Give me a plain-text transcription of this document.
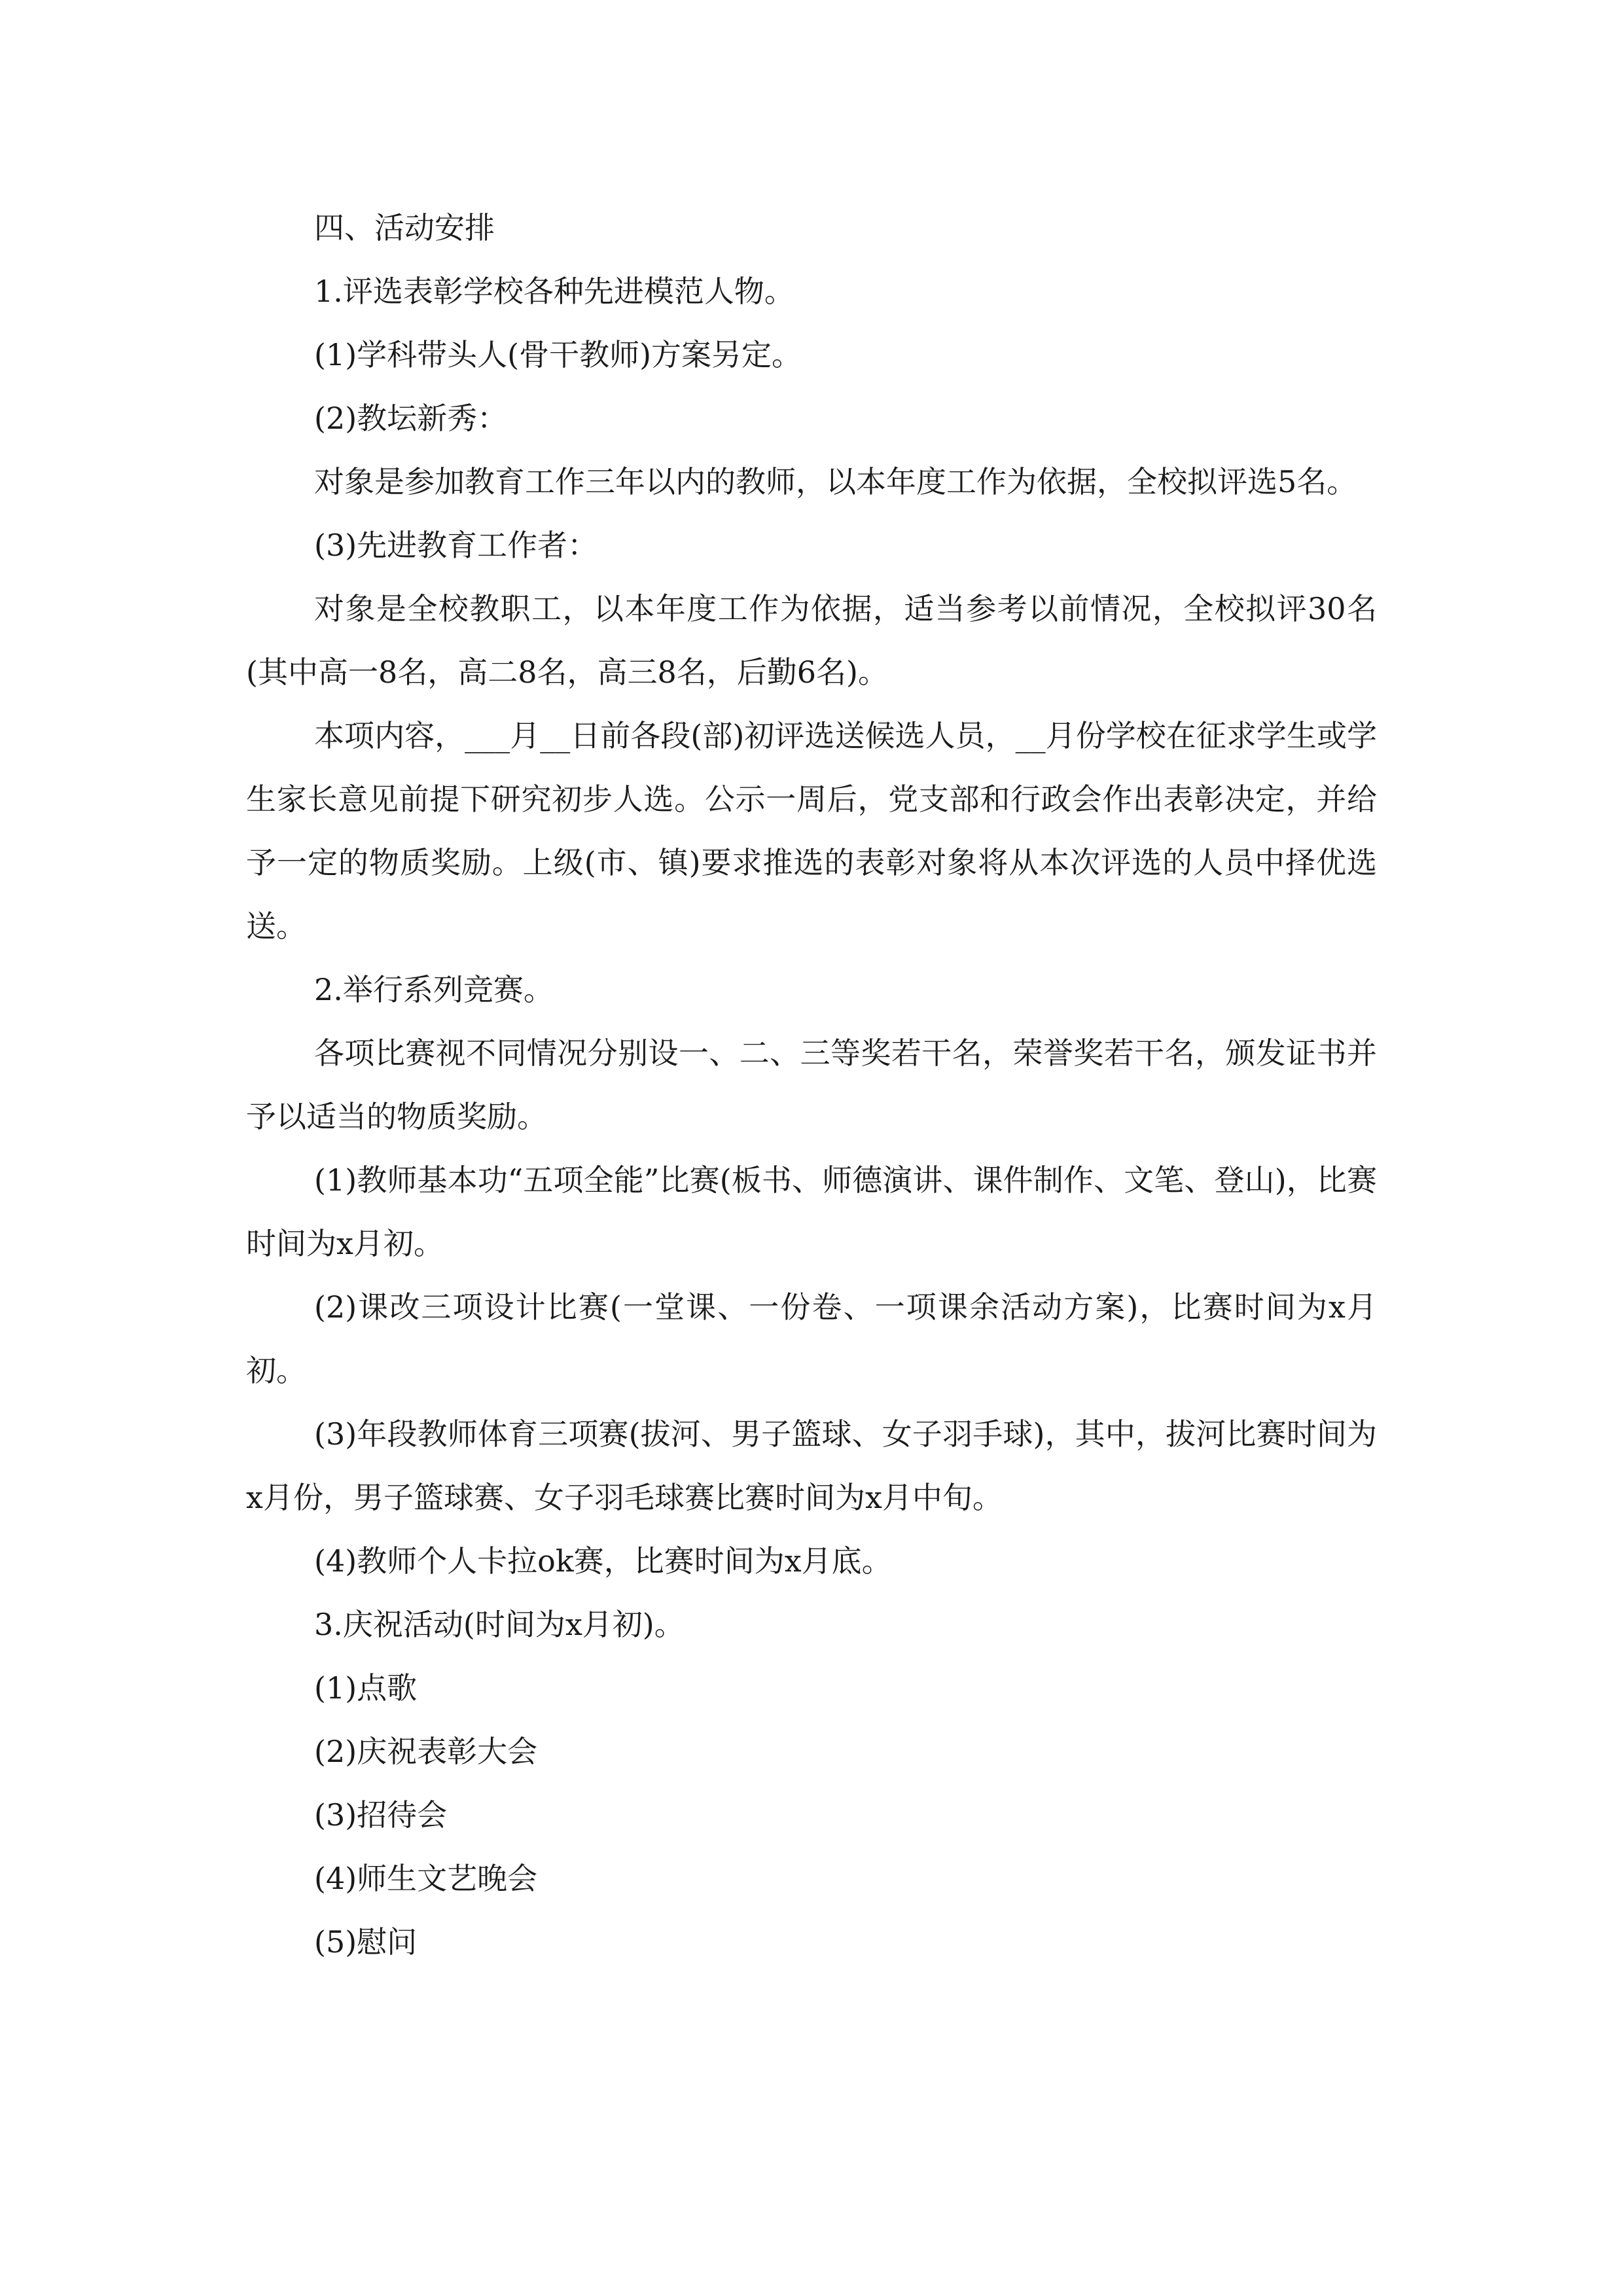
四、活动安排

1.评选表彰学校各种先进模范人物。

(1)学科带头人(骨干教师)方案另定。

(2)教坛新秀：

对象是参加教育工作三年以内的教师，以本年度工作为依据，全校拟评选5名。

(3)先进教育工作者：

对象是全校教职工，以本年度工作为依据，适当参考以前情况，全校拟评30名(其中高一8名，高二8名，高三8名，后勤6名)。

本项内容，___月__日前各段(部)初评选送候选人员，__月份学校在征求学生或学生家长意见前提下研究初步人选。公示一周后，党支部和行政会作出表彰决定，并给予一定的物质奖励。上级(市、镇)要求推选的表彰对象将从本次评选的人员中择优选送。

2.举行系列竞赛。

各项比赛视不同情况分别设一、二、三等奖若干名，荣誉奖若干名，颁发证书并予以适当的物质奖励。

(1)教师基本功“五项全能”比赛(板书、师德演讲、课件制作、文笔、登山)，比赛时间为x月初。

(2)课改三项设计比赛(一堂课、一份卷、一项课余活动方案)，比赛时间为x月初。

(3)年段教师体育三项赛(拔河、男子篮球、女子羽手球)，其中，拔河比赛时间为x月份，男子篮球赛、女子羽毛球赛比赛时间为x月中旬。

(4)教师个人卡拉ok赛，比赛时间为x月底。

3.庆祝活动(时间为x月初)。

(1)点歌

(2)庆祝表彰大会

(3)招待会

(4)师生文艺晚会

(5)慰问
